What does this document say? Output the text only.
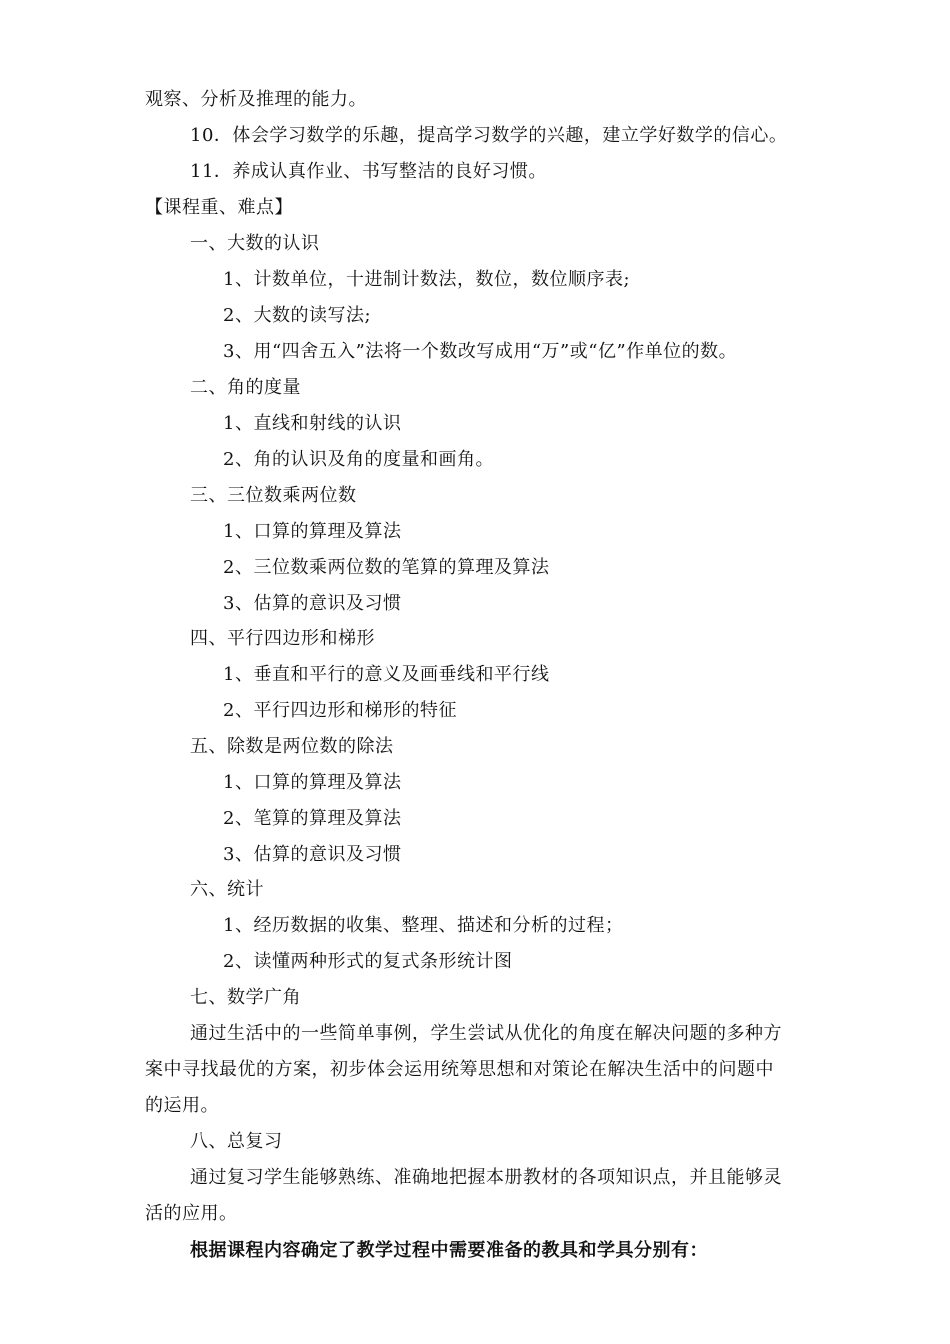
观察、分析及推理的能力。
10．体会学习数学的乐趣，提高学习数学的兴趣，建立学好数学的信心。
11．养成认真作业、书写整洁的良好习惯。
【课程重、难点】
一、大数的认识
1、计数单位，十进制计数法，数位，数位顺序表;
2、大数的读写法;
3、用“四舍五入”法将一个数改写成用“万”或“亿”作单位的数。
二、角的度量
1、直线和射线的认识
2、角的认识及角的度量和画角。
三、三位数乘两位数
1、口算的算理及算法
2、三位数乘两位数的笔算的算理及算法
3、估算的意识及习惯
四、平行四边形和梯形
1、垂直和平行的意义及画垂线和平行线
2、平行四边形和梯形的特征
五、除数是两位数的除法
1、口算的算理及算法
2、笔算的算理及算法
3、估算的意识及习惯
六、统计
1、经历数据的收集、整理、描述和分析的过程；
2、读懂两种形式的复式条形统计图
七、数学广角
通过生活中的一些简单事例，学生尝试从优化的角度在解决问题的多种方
案中寻找最优的方案，初步体会运用统筹思想和对策论在解决生活中的问题中
的运用。
八、总复习
通过复习学生能够熟练、准确地把握本册教材的各项知识点，并且能够灵
活的应用。
根据课程内容确定了教学过程中需要准备的教具和学具分别有：
